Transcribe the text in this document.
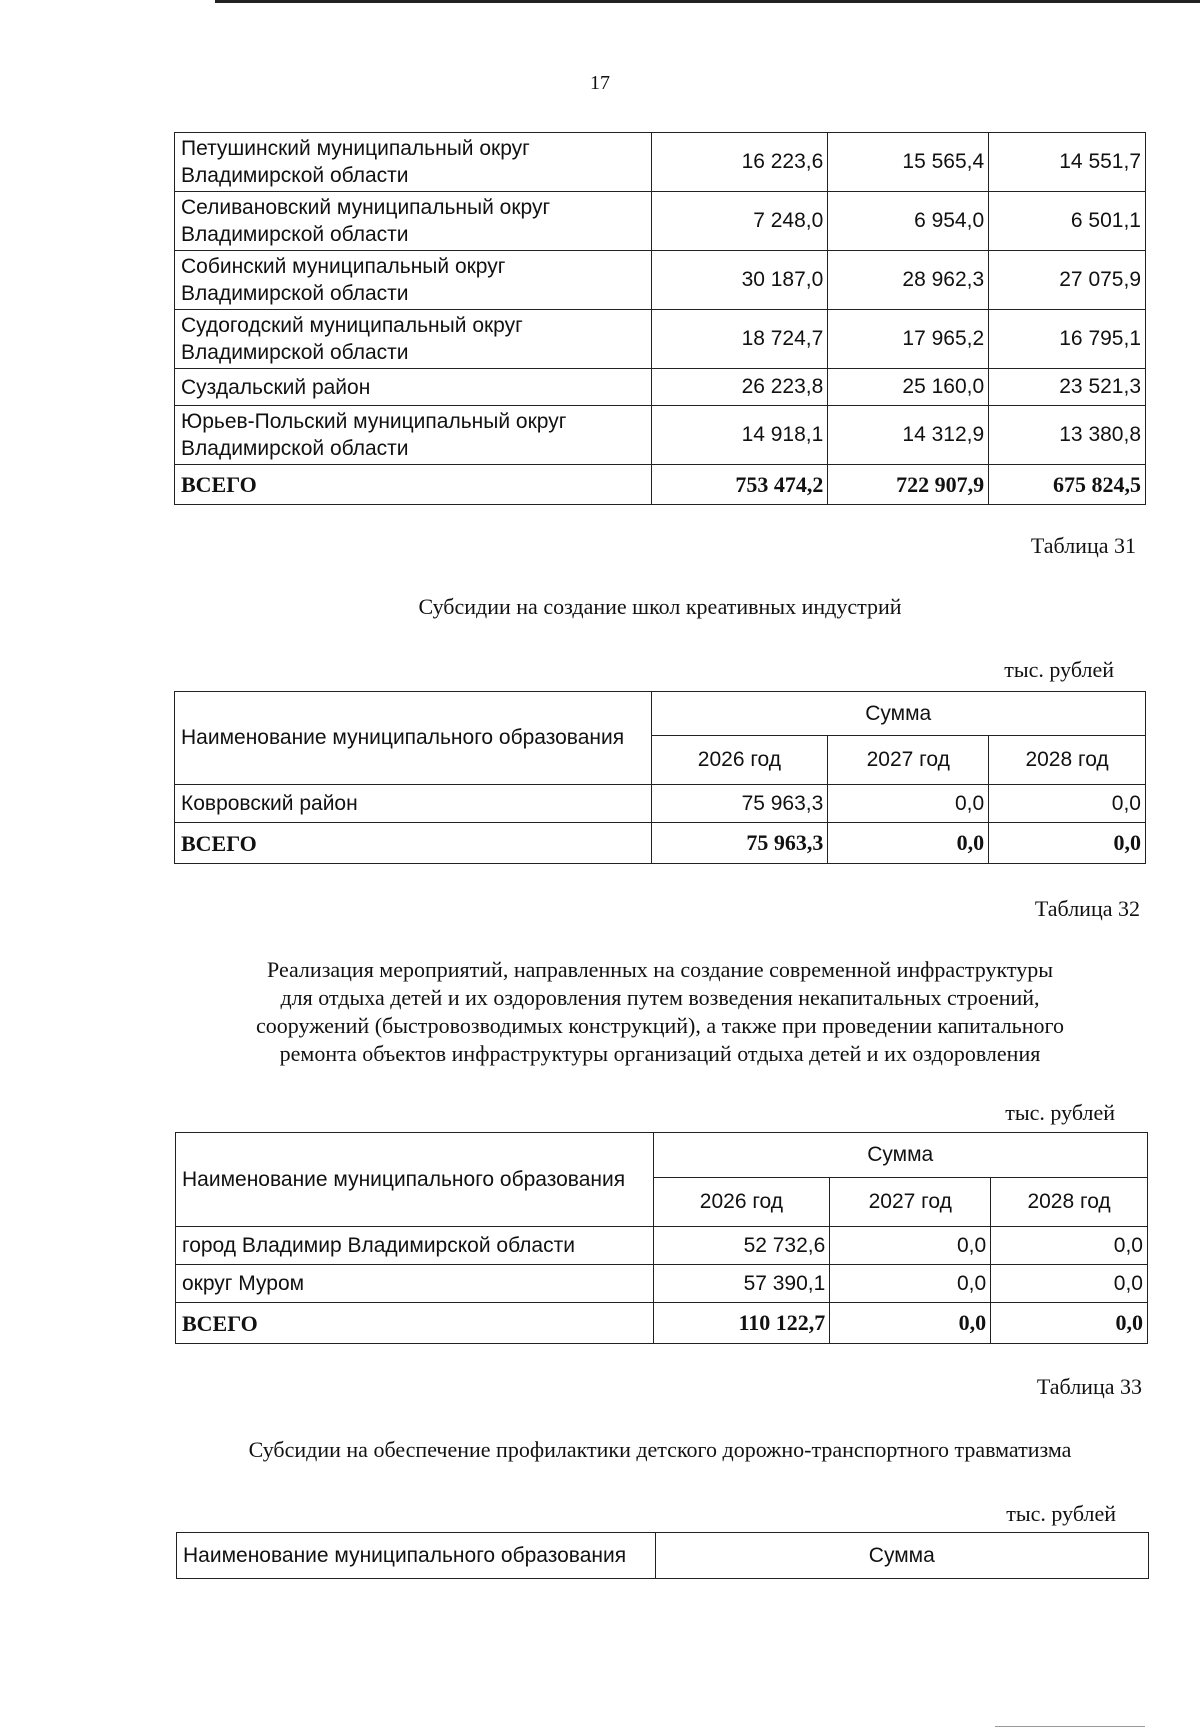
17
Петушинский муниципальный округ Владимирской области	16 223,6	15 565,4	14 551,7
Селивановский муниципальный округ Владимирской области	7 248,0	6 954,0	6 501,1
Собинский муниципальный округ Владимирской области	30 187,0	28 962,3	27 075,9
Судогодский муниципальный округ Владимирской области	18 724,7	17 965,2	16 795,1
Суздальский район	26 223,8	25 160,0	23 521,3
Юрьев-Польский муниципальный округ Владимирской области	14 918,1	14 312,9	13 380,8
ВСЕГО	753 474,2	722 907,9	675 824,5
Таблица 31
Субсидии на создание школ креативных индустрий
тыс. рублей
Наименование муниципального образования	Сумма		
	2026 год	2027 год	2028 год
Ковровский район	75 963,3	0,0	0,0
ВСЕГО	75 963,3	0,0	0,0
Таблица 32
Реализация мероприятий, направленных на создание современной инфраструктуры
для отдыха детей и их оздоровления путем возведения некапитальных строений,
сооружений (быстровозводимых конструкций), а также при проведении капитального
ремонта объектов инфраструктуры организаций отдыха детей и их оздоровления
тыс. рублей
Наименование муниципального образования	Сумма		
	2026 год	2027 год	2028 год
город Владимир Владимирской области	52 732,6	0,0	0,0
округ Муром	57 390,1	0,0	0,0
ВСЕГО	110 122,7	0,0	0,0
Таблица 33
Субсидии на обеспечение профилактики детского дорожно-транспортного травматизма
тыс. рублей
Наименование муниципального образования	Сумма
